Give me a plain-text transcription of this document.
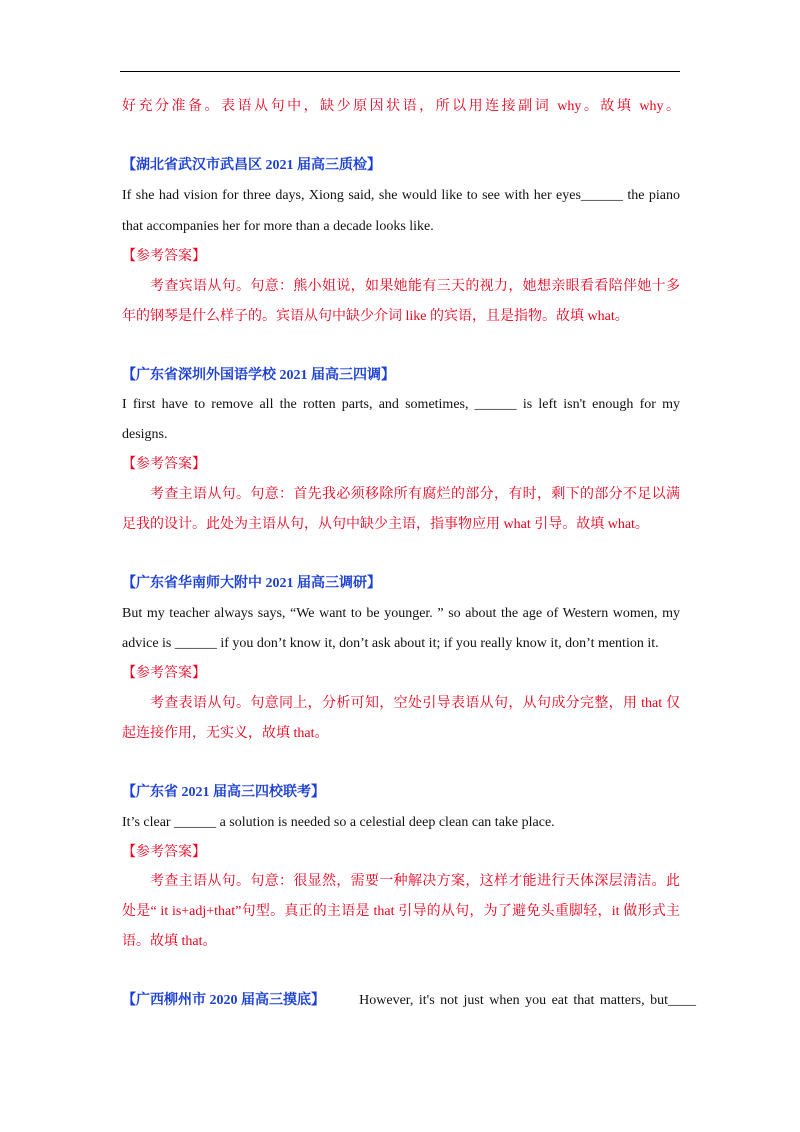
好充分准备。表语从句中，缺少原因状语，所以用连接副词 why。故填 why。
【湖北省武汉市武昌区 2021 届高三质检】
If she had vision for three days, Xiong said, she would like to see with her eyes______ the piano
that accompanies her for more than a decade looks like.
【参考答案】
考查宾语从句。句意：熊小姐说，如果她能有三天的视力，她想亲眼看看陪伴她十多
年的钢琴是什么样子的。宾语从句中缺少介词 like 的宾语，且是指物。故填 what。
【广东省深圳外国语学校 2021 届高三四调】
I first have to remove all the rotten parts, and sometimes, ______ is left isn't enough for my
designs.
【参考答案】
考查主语从句。句意：首先我必须移除所有腐烂的部分，有时，剩下的部分不足以满
足我的设计。此处为主语从句，从句中缺少主语，指事物应用 what 引导。故填 what。
【广东省华南师大附中 2021 届高三调研】
But my teacher always says, “We want to be younger. ” so about the age of Western women, my
advice is ______ if you don’t know it, don’t ask about it; if you really know it, don’t mention it.
【参考答案】
考查表语从句。句意同上，分析可知，空处引导表语从句，从句成分完整，用 that 仅
起连接作用，无实义，故填 that。
【广东省 2021 届高三四校联考】
It’s clear ______ a solution is needed so a celestial deep clean can take place.
【参考答案】
考查主语从句。句意：很显然，需要一种解决方案，这样才能进行天体深层清洁。此
处是“ it is+adj+that”句型。真正的主语是 that 引导的从句，为了避免头重脚轻，it 做形式主
语。故填 that。
【广西柳州市 2020 届高三摸底】 However, it's not just when you eat that matters, but____
